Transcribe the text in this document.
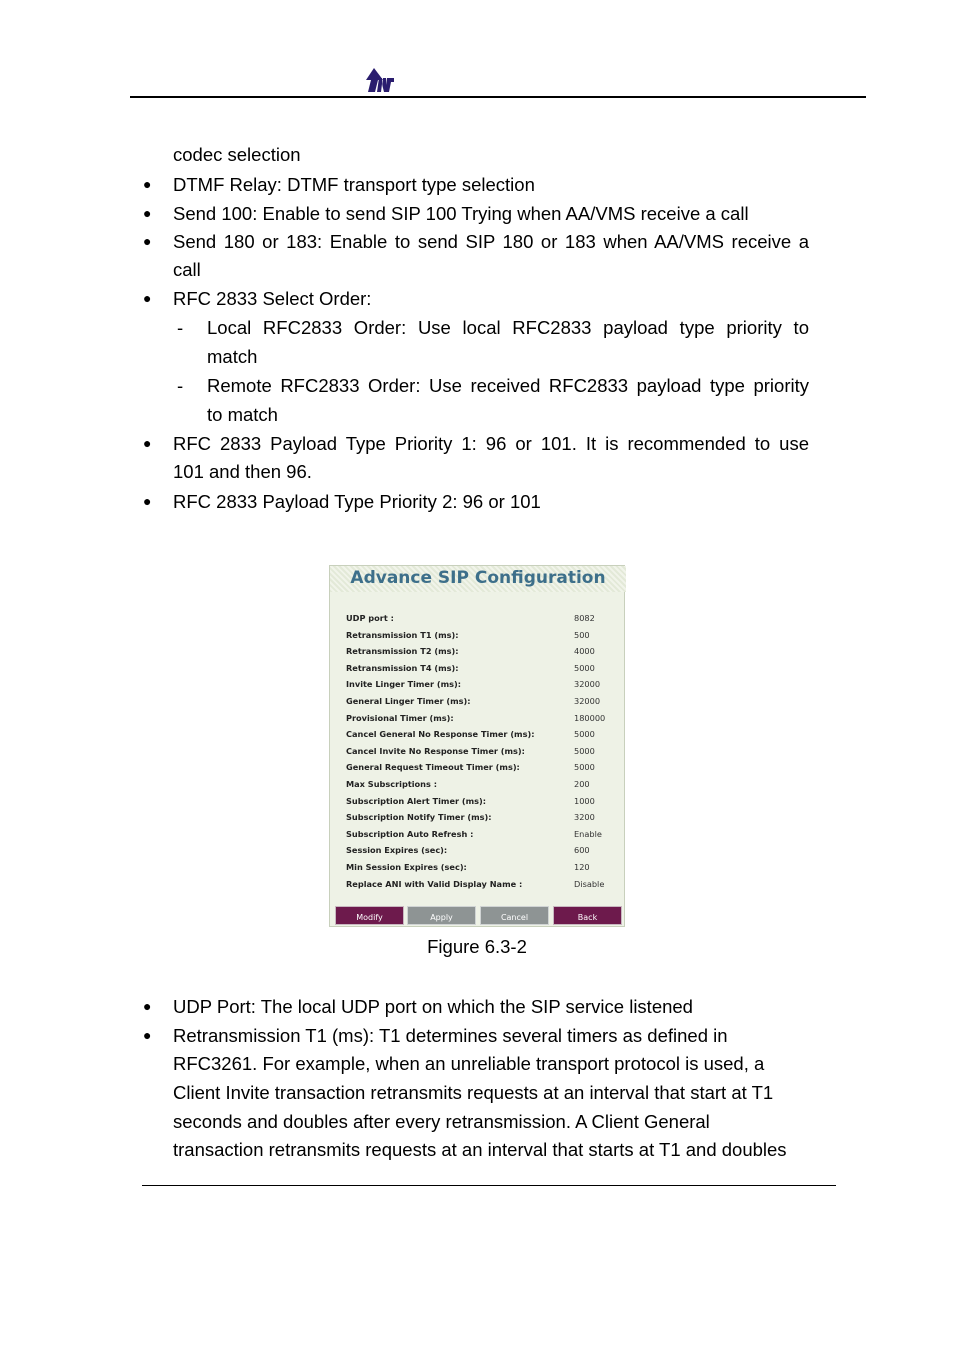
codec selection
● DTMF Relay: DTMF transport type selection
● Send 100: Enable to send SIP 100 Trying when AA/VMS receive a call
● Send 180 or 183: Enable to send SIP 180 or 183 when AA/VMS receive a
call
● RFC 2833 Select Order:
- Local RFC2833 Order: Use local RFC2833 payload type priority to
match
- Remote RFC2833 Order: Use received RFC2833 payload type priority
to match
● RFC 2833 Payload Type Priority 1: 96 or 101. It is recommended to use
101 and then 96.
● RFC 2833 Payload Type Priority 2: 96 or 101
Advance SIP Configuration
UDP port :	8082
Retransmission T1 (ms):	500
Retransmission T2 (ms):	4000
Retransmission T4 (ms):	5000
Invite Linger Timer (ms):	32000
General Linger Timer (ms):	32000
Provisional Timer (ms):	180000
Cancel General No Response Timer (ms):	5000
Cancel Invite No Response Timer (ms):	5000
General Request Timeout Timer (ms):	5000
Max Subscriptions :	200
Subscription Alert Timer (ms):	1000
Subscription Notify Timer (ms):	3200
Subscription Auto Refresh :	Enable
Session Expires (sec):	600
Min Session Expires (sec):	120
Replace ANI with Valid Display Name :	Disable
Modify	Apply	Cancel	Back
Figure 6.3-2
● UDP Port: The local UDP port on which the SIP service listened
● Retransmission T1 (ms): T1 determines several timers as defined in
RFC3261. For example, when an unreliable transport protocol is used, a
Client Invite transaction retransmits requests at an interval that start at T1
seconds and doubles after every retransmission. A Client General
transaction retransmits requests at an interval that starts at T1 and doubles
